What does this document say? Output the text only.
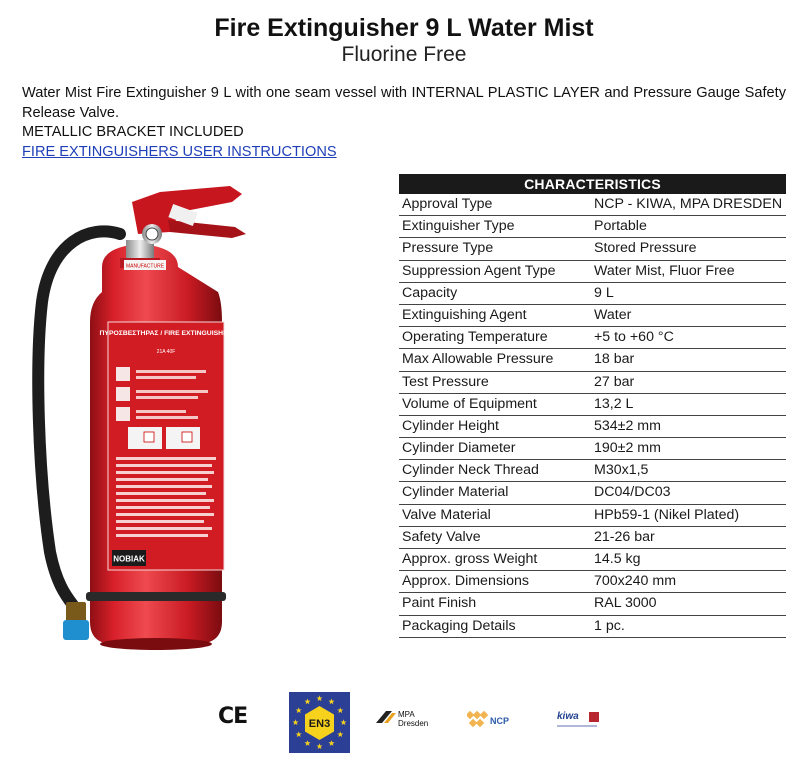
Fire Extinguisher 9 L Water Mist
Fluorine Free
Water Mist Fire Extinguisher 9 L with one seam vessel with INTERNAL PLASTIC LAYER and Pressure Gauge Safety Release Valve.
METALLIC BRACKET INCLUDED
FIRE EXTINGUISHERS USER INSTRUCTIONS
MANUFACTURE
ΠΥΡΟΣΒΕΣΤΗΡΑΣ / FIRE EXTINGUISHER
21A 40F
NOBIAK
CHARACTERISTICS
Approval Type	NCP - KIWA, MPA DRESDEN
Extinguisher Type	Portable
Pressure Type	Stored Pressure
Suppression Agent Type	Water Mist, Fluor Free
Capacity	9 L
Extinguishing Agent	Water
Operating Temperature	+5 to +60 °C
Max Allowable Pressure	18 bar
Test Pressure	27 bar
Volume of Equipment	13,2 L
Cylinder Height	534±2 mm
Cylinder Diameter	190±2 mm
Cylinder Neck Thread	M30x1,5
Cylinder Material	DC04/DC03
Valve Material	HPb59-1 (Nikel Plated)
Safety Valve	21-26 bar
Approx. gross Weight	14.5 kg
Approx. Dimensions	700x240 mm
Paint Finish	RAL 3000
Packaging Details	1 pc.
CE	EN3
MPA
Dresden	NCP	kiwa
